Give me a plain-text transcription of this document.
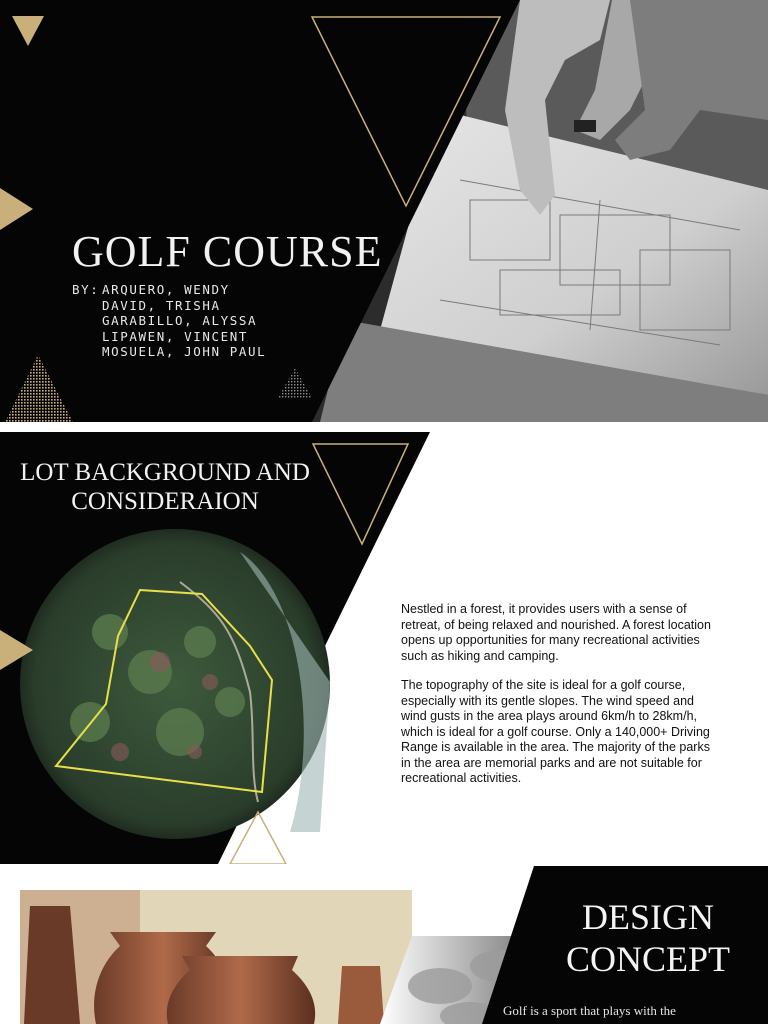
GOLF COURSE
BY: ARQUERO, WENDY
DAVID, TRISHA
GARABILLO, ALYSSA
LIPAWEN, VINCENT
MOSUELA, JOHN PAUL
LOT BACKGROUND AND
CONSIDERAION

Nestled in a forest, it provides users with a sense of retreat, of being relaxed and nourished. A forest location opens up opportunities for many recreational activities such as hiking and camping.

The topography of the site is ideal for a golf course, especially with its gentle slopes. The wind speed and wind gusts in the area plays around 6km/h to 28km/h, which is ideal for a golf course. Only a 140,000+ Driving Range is available in the area. The majority of the parks in the area are memorial parks and are not suitable for recreational activities.

DESIGN
CONCEPT
Golf is a sport that plays with the
